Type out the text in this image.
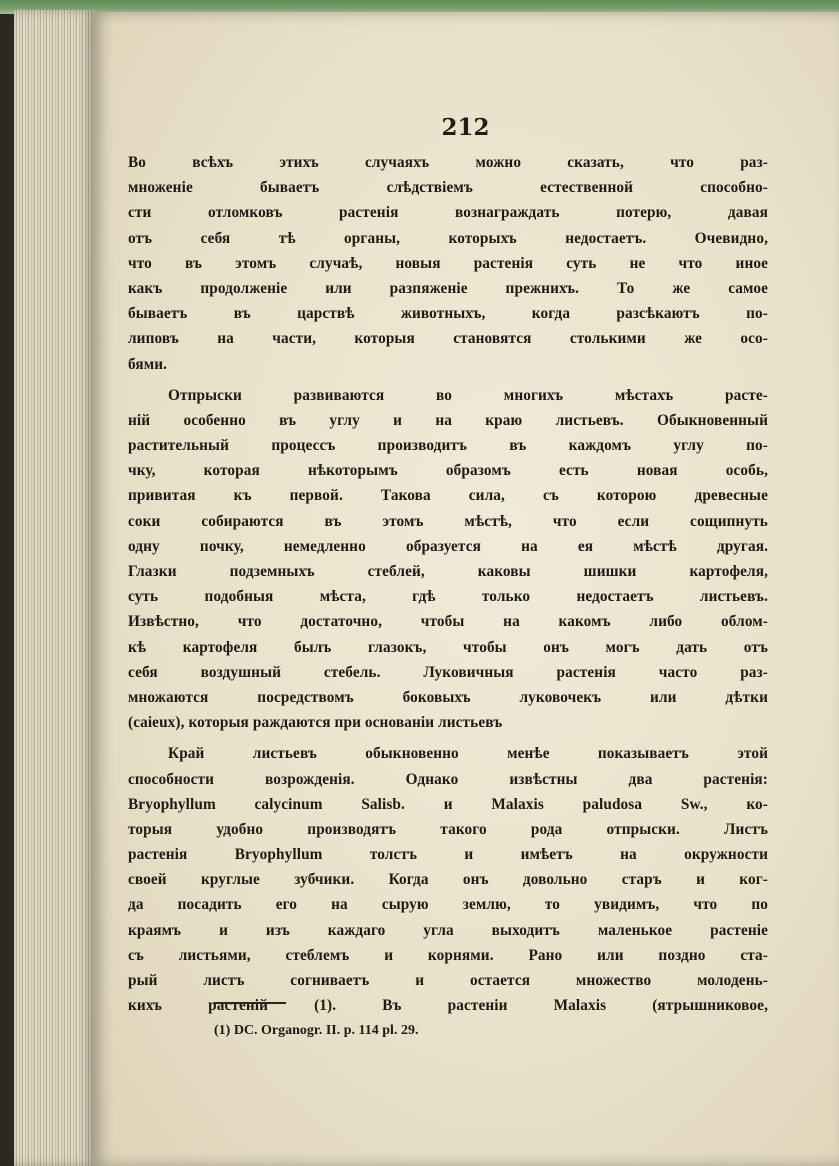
212
Во всѣхъ этихъ случаяхъ можно сказать, что раз-
множеніе бываетъ слѣдствіемъ естественной способно-
сти отломковъ растенія вознаграждать потерю, давая
отъ себя тѣ органы, которыхъ недостаетъ. Очевидно,
что въ этомъ случаѣ, новыя растенія суть не что иное
какъ продолженіе или разпяженіе прежнихъ. То же самое
бываетъ въ царствѣ животныхъ, когда разсѣкаютъ по-
липовъ на части, которыя становятся столькими же осо-
бями.
Отпрыски развиваются во многихъ мѣстахъ расте-
ній особенно въ углу и на краю листьевъ. Обыкновенный
растительный процессъ производитъ въ каждомъ углу по-
чку, которая нѣкоторымъ образомъ есть новая особь,
привитая къ первой. Такова сила, съ которою древесные
соки собираются въ этомъ мѣстѣ, что если сощипнуть
одну почку, немедленно образуется на ея мѣстѣ другая.
Глазки подземныхъ стеблей, каковы шишки картофеля,
суть подобныя мѣста, гдѣ только недостаетъ листьевъ.
Извѣстно, что достаточно, чтобы на какомъ либо облом-
кѣ картофеля былъ глазокъ, чтобы онъ могъ дать отъ
себя воздушный стебель. Луковичныя растенія часто раз-
множаются посредствомъ боковыхъ луковочекъ или дѣтки
(caieux), которыя раждаются при основаніи листьевъ
Край листьевъ обыкновенно менѣе показываетъ этой
способности возрожденія. Однако извѣстны два растенія:
Bryophyllum calycinum Salisb. и Malaxis paludosa Sw., ко-
торыя удобно производятъ такого рода отпрыски. Листъ
растенія Bryophyllum толстъ и имѣетъ на окружности
своей круглые зубчики. Когда онъ довольно старъ и ког-
да посадить его на сырую землю, то увидимъ, что по
краямъ и изъ каждаго угла выходитъ маленькое растеніе
съ листьями, стеблемъ и корнями. Рано или поздно ста-
рый листъ согниваетъ и остается множество молодень-
кихъ растеній (1). Въ растеніи Malaxis (ятрышниковое,
(1) DC. Organogr. II. p. 114 pl. 29.
